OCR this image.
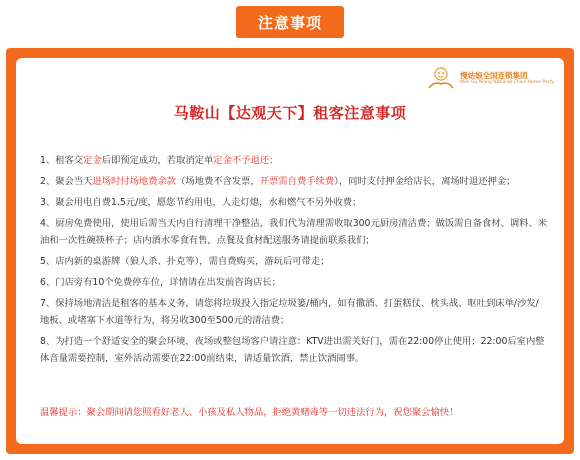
注意事项
慢姑娘全国连锁集团
Man Gu Niang National Chain Home Party
马鞍山【达观天下】租客注意事项
1、租客交定金后即预定成功，若取消定单定金不予退还；
2、聚会当天进场时付场地费余款（场地费不含发票，开票需自费手续费），同时支付押金给店长，离场时退还押金；
3、聚会用电自费1.5元/度，愿您节约用电，人走灯熄，水和燃气不另外收费；
4、厨房免费使用，使用后需当天内自行清理干净整洁，我们代为清理需收取300元厨房清洁费；做饭需自备食材、调料、米油和一次性碗筷杯子；店内酒水零食有售，点餐及食材配送服务请提前联系我们；
5、店内新的桌游牌（狼人杀、扑克等），需自费购买，游玩后可带走；
6、门店旁有10个免费停车位，详情请在出发前咨询店长；
7、保持场地清洁是租客的基本义务，请您将垃圾投入指定垃圾篓/桶内，如有撒酒、打蛋糕仗、枕头战、呕吐到床单/沙发/地板、或堵塞下水道等行为，将另收300至500元的清洁费；
8、为打造一个舒适安全的聚会环境，夜场或整包场客户请注意：KTV进出需关好门，需在22:00停止使用；22:00后室内整体音量需要控制，室外活动需要在22:00前结束，请适量饮酒，禁止饮酒闹事。
温馨提示：聚会期间请您照看好老人、小孩及私人物品，拒绝黄赌毒等一切违法行为，祝您聚会愉快！
